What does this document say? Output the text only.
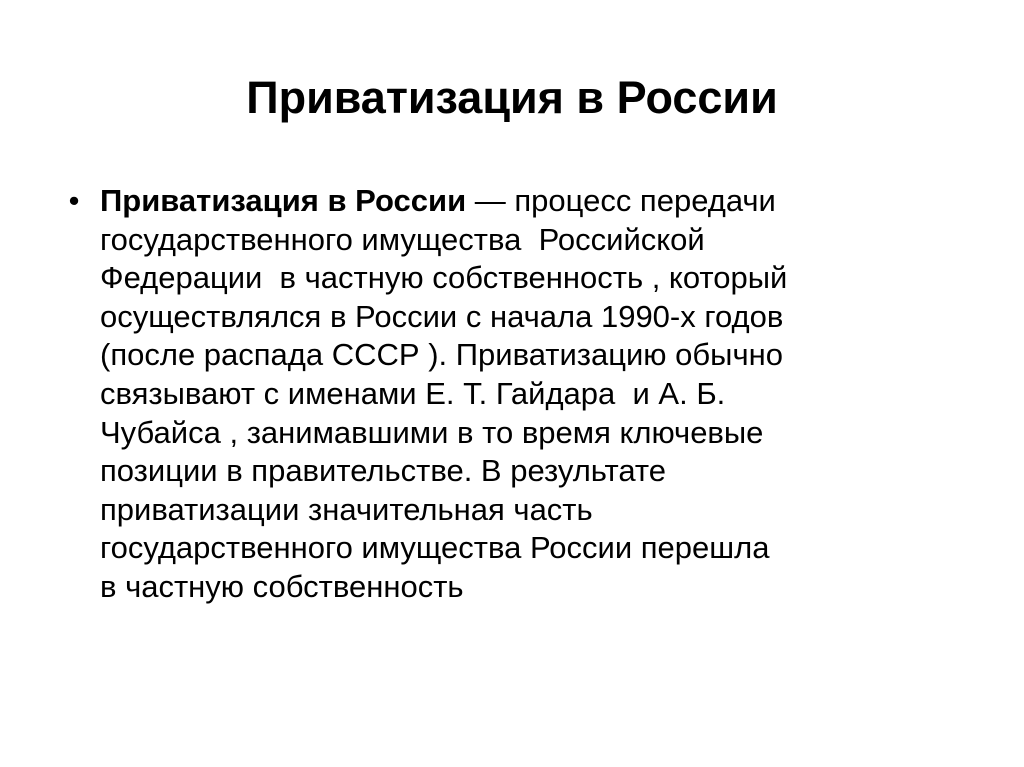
Приватизация в России
• Приватизация в России — процесс передачи
государственного имущества  Российской
Федерации  в частную собственность , который
осуществлялся в России с начала 1990-х годов
(после распада СССР ). Приватизацию обычно
связывают с именами Е. Т. Гайдара  и А. Б.
Чубайса , занимавшими в то время ключевые
позиции в правительстве. В результате
приватизации значительная часть
государственного имущества России перешла
в частную собственность
